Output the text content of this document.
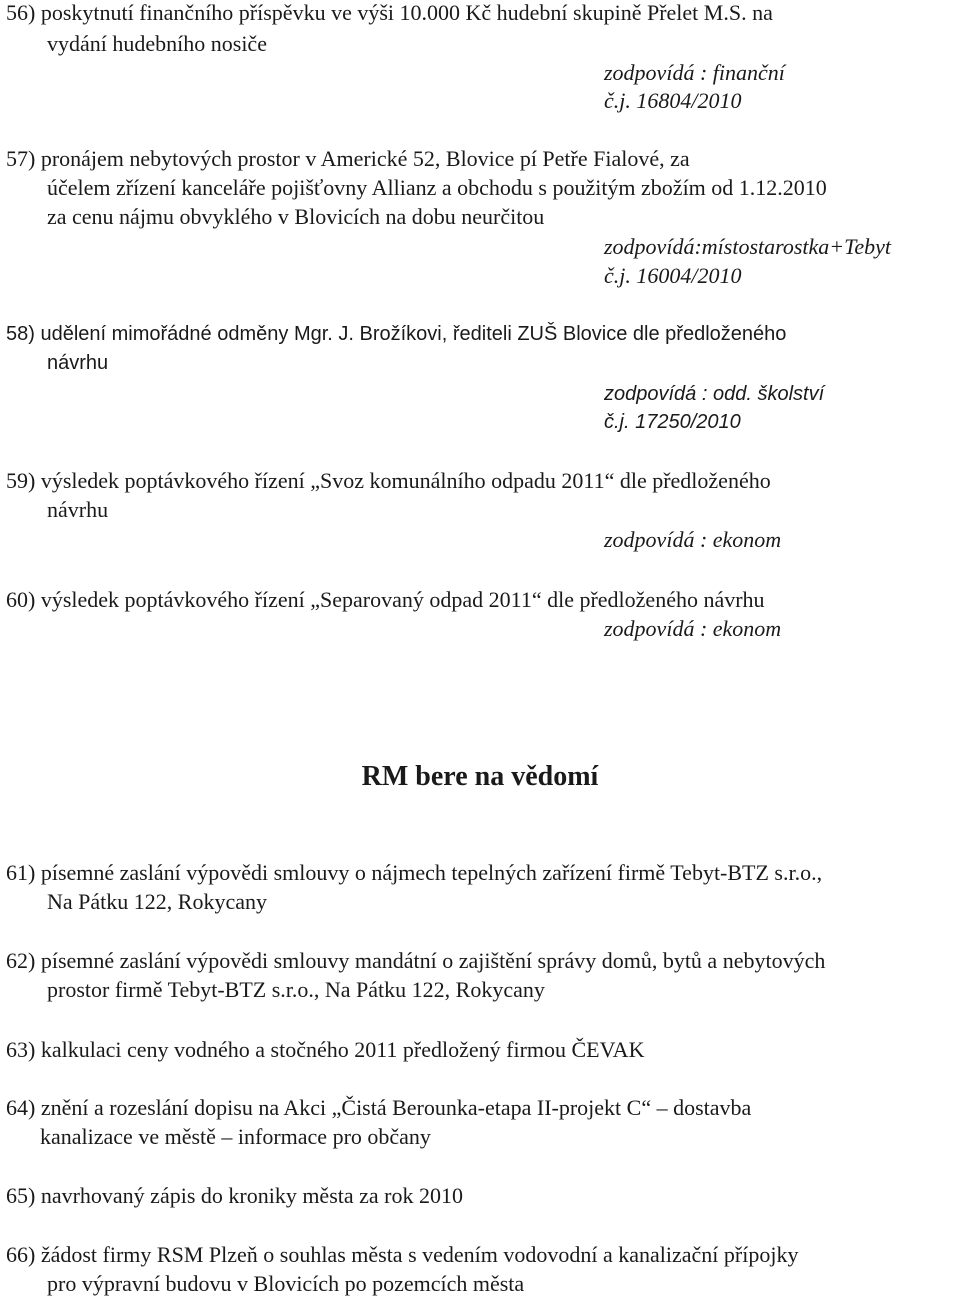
56) poskytnutí finančního příspěvku ve výši 10.000 Kč hudební skupině Přelet M.S. na
vydání hudebního nosiče
zodpovídá : finanční
č.j. 16804/2010
57) pronájem nebytových prostor v Americké 52, Blovice pí Petře Fialové, za
účelem zřízení kanceláře pojišťovny Allianz a obchodu s použitým zbožím od 1.12.2010
za cenu nájmu obvyklého v Blovicích na dobu neurčitou
zodpovídá:místostarostka+Tebyt
č.j. 16004/2010
58) udělení mimořádné odměny Mgr. J. Brožíkovi, řediteli ZUŠ Blovice dle předloženého
návrhu
zodpovídá : odd. školství
č.j. 17250/2010
59) výsledek poptávkového řízení „Svoz komunálního odpadu 2011“ dle předloženého
návrhu
zodpovídá : ekonom
60) výsledek poptávkového řízení „Separovaný odpad 2011“ dle předloženého návrhu
zodpovídá : ekonom
RM bere na vědomí
61) písemné zaslání výpovědi smlouvy o nájmech tepelných zařízení firmě Tebyt-BTZ s.r.o.,
Na Pátku 122, Rokycany
62) písemné zaslání výpovědi smlouvy mandátní o zajištění správy domů, bytů a nebytových
prostor firmě Tebyt-BTZ s.r.o., Na Pátku 122, Rokycany
63) kalkulaci ceny vodného a stočného 2011 předložený firmou ČEVAK
64) znění a rozeslání dopisu na Akci „Čistá Berounka-etapa II-projekt C“ – dostavba
kanalizace ve městě – informace pro občany
65) navrhovaný zápis do kroniky města za rok 2010
66) žádost firmy RSM Plzeň o souhlas města s vedením vodovodní a kanalizační přípojky
pro výpravní budovu v Blovicích po pozemcích města
